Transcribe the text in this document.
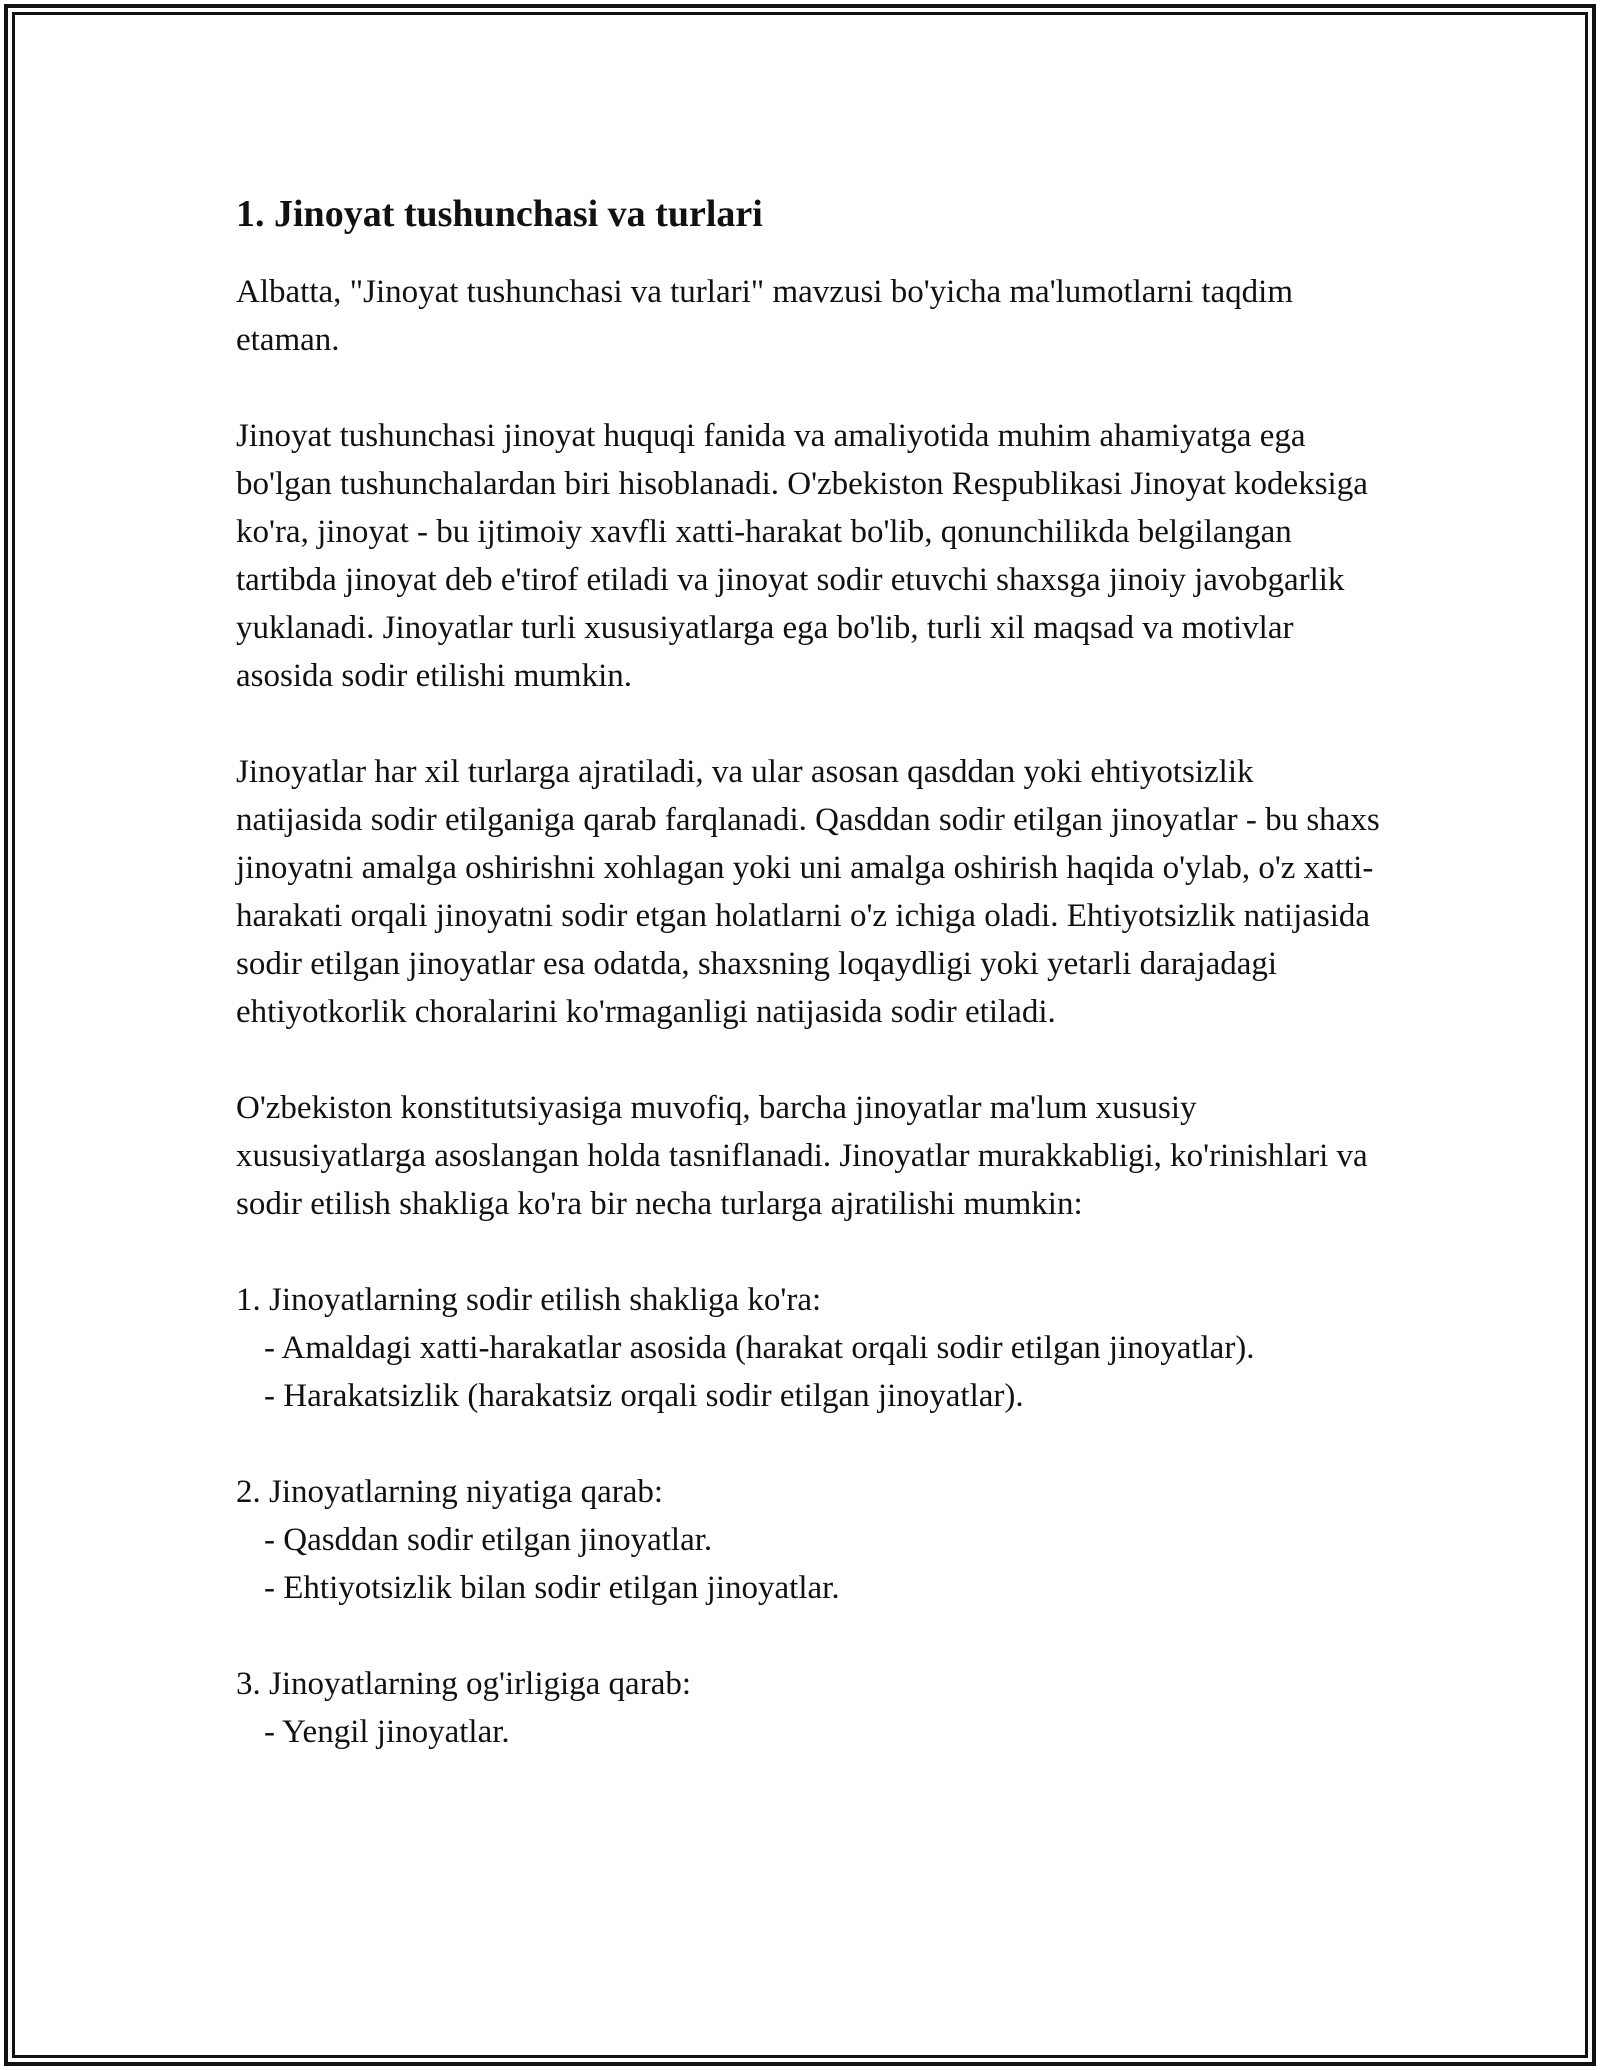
1. Jinoyat tushunchasi va turlari

Albatta, "Jinoyat tushunchasi va turlari" mavzusi bo'yicha ma'lumotlarni taqdim etaman.

Jinoyat tushunchasi jinoyat huquqi fanida va amaliyotida muhim ahamiyatga ega bo'lgan tushunchalardan biri hisoblanadi. O'zbekiston Respublikasi Jinoyat kodeksiga ko'ra, jinoyat - bu ijtimoiy xavfli xatti-harakat bo'lib, qonunchilikda belgilangan tartibda jinoyat deb e'tirof etiladi va jinoyat sodir etuvchi shaxsga jinoiy javobgarlik yuklanadi. Jinoyatlar turli xususiyatlarga ega bo'lib, turli xil maqsad va motivlar asosida sodir etilishi mumkin.

Jinoyatlar har xil turlarga ajratiladi, va ular asosan qasddan yoki ehtiyotsizlik natijasida sodir etilganiga qarab farqlanadi. Qasddan sodir etilgan jinoyatlar - bu shaxs jinoyatni amalga oshirishni xohlagan yoki uni amalga oshirish haqida o'ylab, o'z xatti-harakati orqali jinoyatni sodir etgan holatlarni o'z ichiga oladi. Ehtiyotsizlik natijasida sodir etilgan jinoyatlar esa odatda, shaxsning loqaydligi yoki yetarli darajadagi ehtiyotkorlik choralarini ko'rmaganligi natijasida sodir etiladi.

O'zbekiston konstitutsiyasiga muvofiq, barcha jinoyatlar ma'lum xususiy xususiyatlarga asoslangan holda tasniflanadi. Jinoyatlar murakkabligi, ko'rinishlari va sodir etilish shakliga ko'ra bir necha turlarga ajratilishi mumkin:

1. Jinoyatlarning sodir etilish shakliga ko'ra:
- Amaldagi xatti-harakatlar asosida (harakat orqali sodir etilgan jinoyatlar).
- Harakatsizlik (harakatsiz orqali sodir etilgan jinoyatlar).
2. Jinoyatlarning niyatiga qarab:
- Qasddan sodir etilgan jinoyatlar.
- Ehtiyotsizlik bilan sodir etilgan jinoyatlar.
3. Jinoyatlarning og'irligiga qarab:
- Yengil jinoyatlar.
